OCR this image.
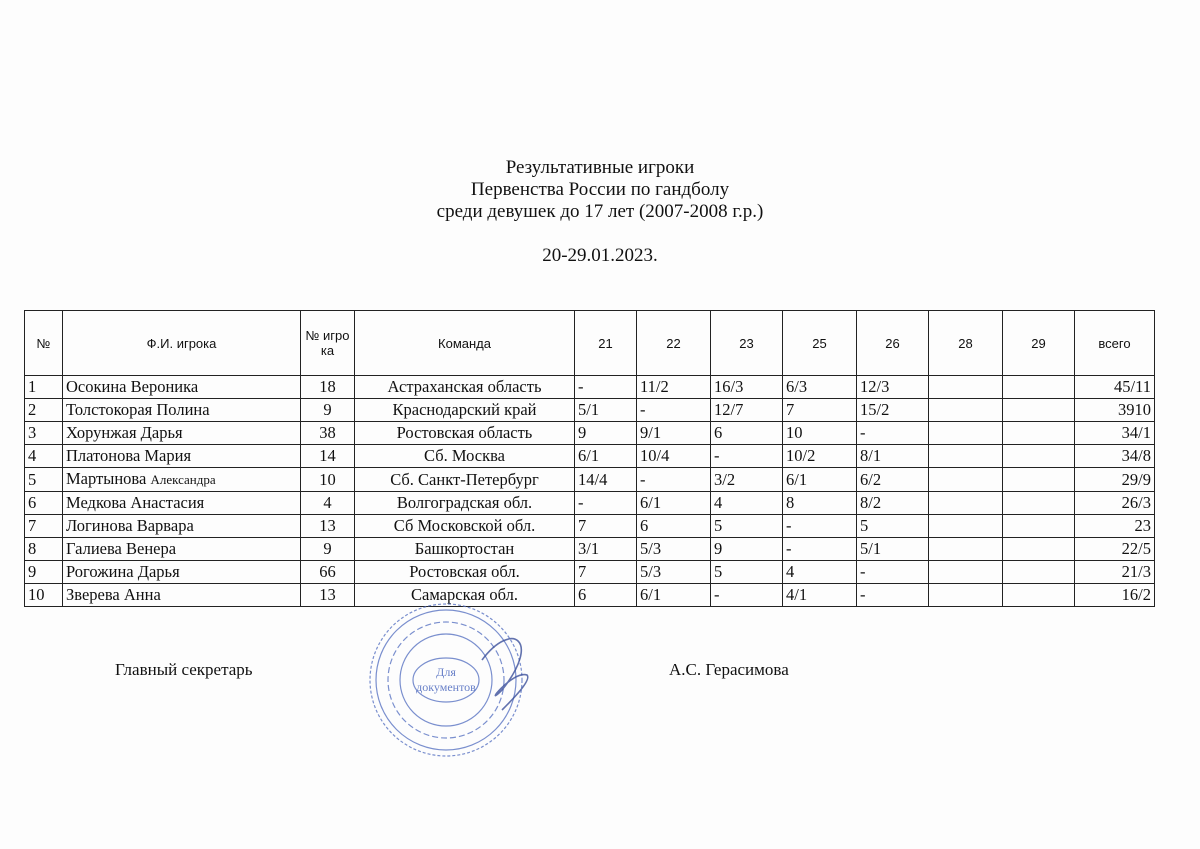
Результативные игроки
Первенства России по гандболу
среди девушек до 17 лет (2007-2008 г.р.)
20-29.01.2023.
№	Ф.И. игрока	№ игрока	Команда	21	22	23	25	26	28	29	всего
1	Осокина Вероника	18	Астраханская область	-	11/2	16/3	6/3	12/3			45/11
2	Толстокорая Полина	9	Краснодарский край	5/1	-	12/7	7	15/2			3910
3	Хорунжая Дарья	38	Ростовская область	9	9/1	6	10	-			34/1
4	Платонова Мария	14	Сб. Москва	6/1	10/4	-	10/2	8/1			34/8
5	Мартынова Александра	10	Сб. Санкт-Петербург	14/4	-	3/2	6/1	6/2			29/9
6	Медкова Анастасия	4	Волгоградская обл.	-	6/1	4	8	8/2			26/3
7	Логинова Варвара	13	Сб Московской обл.	7	6	5	-	5			23
8	Галиева Венера	9	Башкортостан	3/1	5/3	9	-	5/1			22/5
9	Рогожина Дарья	66	Ростовская обл.	7	5/3	5	4	-			21/3
10	Зверева Анна	13	Самарская обл.	6	6/1	-	4/1	-			16/2
Для
документов
Главный секретарь	А.С. Герасимова
